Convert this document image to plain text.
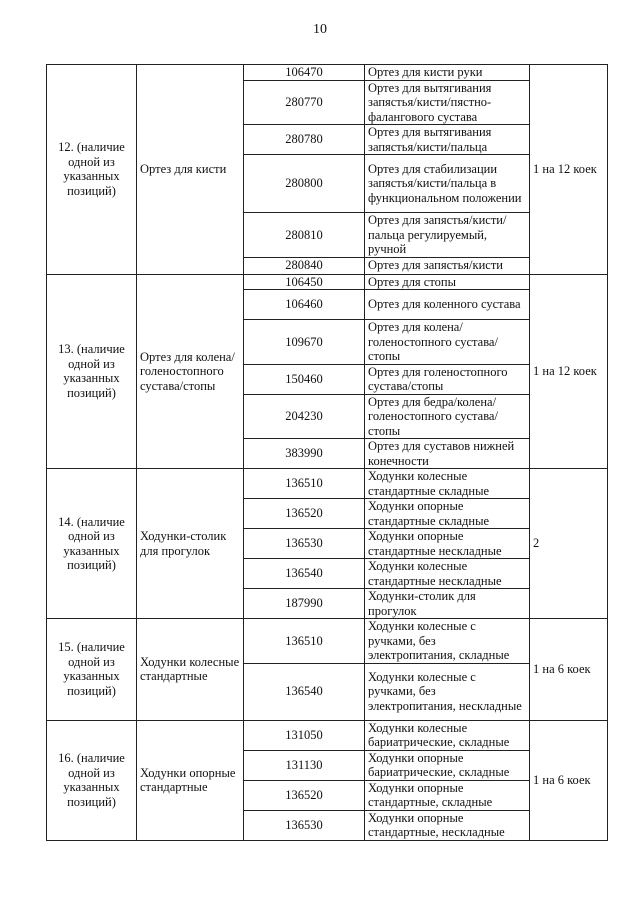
10
12. (наличие одной из указанных позиций)	Ортез для кисти	106470	Ортез для кисти руки	1 на 12 коек
		280770	Ортез для вытягивания запястья/кисти/пястно-фалангового сустава	
		280780	Ортез для вытягивания запястья/кисти/пальца	
		280800	Ортез для стабилизации запястья/кисти/пальца в функциональном положении	
		280810	Ортез для запястья/кисти/пальца регулируемый, ручной	
		280840	Ортез для запястья/кисти	
13. (наличие одной из указанных позиций)	Ортез для колена/голеностопного сустава/стопы	106450	Ортез для стопы	1 на 12 коек
		106460	Ортез для коленного сустава	
		109670	Ортез для колена/голеностопного сустава/стопы	
		150460	Ортез для голеностопного сустава/стопы	
		204230	Ортез для бедра/колена/ голеностопного сустава/ стопы	
		383990	Ортез для суставов нижней конечности	
14. (наличие одной из указанных позиций)	Ходунки-столик для прогулок	136510	Ходунки колесные стандартные складные	2
		136520	Ходунки опорные стандартные складные	
		136530	Ходунки опорные стандартные нескладные	
		136540	Ходунки колесные стандартные нескладные	
		187990	Ходунки-столик для прогулок	
15. (наличие одной из указанных позиций)	Ходунки колесные стандартные	136510	Ходунки колесные с ручками, без электропитания, складные	1 на 6 коек
		136540	Ходунки колесные с ручками, без электропитания, нескладные	
16. (наличие одной из указанных позиций)	Ходунки опорные стандартные	131050	Ходунки колесные бариатрические, складные	1 на 6 коек
		131130	Ходунки опорные бариатрические, складные	
		136520	Ходунки опорные стандартные, складные	
		136530	Ходунки опорные стандартные, нескладные	
